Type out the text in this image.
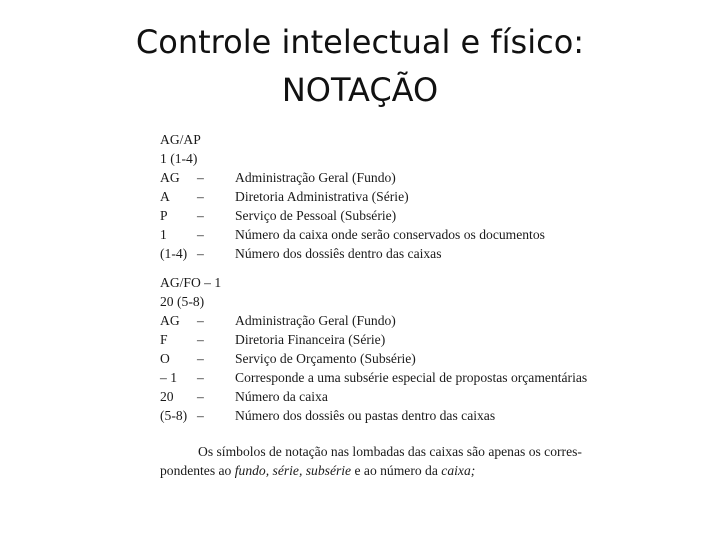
Controle intelectual e físico:
NOTAÇÃO
AG/AP
1 (1-4)
AG	– Administração Geral (Fundo)
A	– Diretoria Administrativa (Série)
P	– Serviço de Pessoal (Subsérie)
1	– Número da caixa onde serão conservados os documentos
(1-4) – Número dos dossiês dentro das caixas
AG/FO – 1
20 (5-8)
AG	– Administração Geral (Fundo)
F	– Diretoria Financeira (Série)
O	– Serviço de Orçamento (Subsérie)
– 1	– Corresponde a uma subsérie especial de propostas orçamentárias
20	– Número da caixa
(5-8) – Número dos dossiês ou pastas dentro das caixas
Os símbolos de notação nas lombadas das caixas são apenas os corres-
pondentes ao fundo, série, subsérie e ao número da caixa;
